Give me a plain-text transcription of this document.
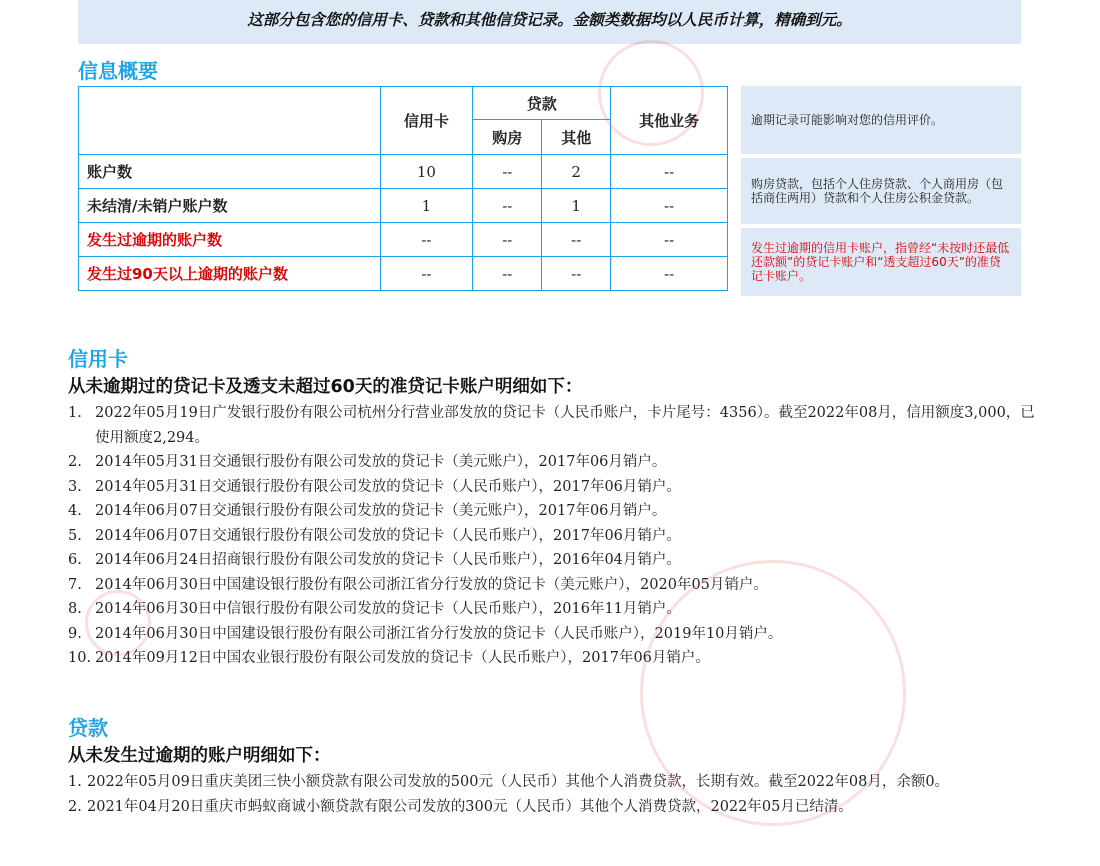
这部分包含您的信用卡、贷款和其他信贷记录。金额类数据均以人民币计算，精确到元。
信息概要
	信用卡	贷款		其他业务
		购房	其他	
账户数	10	--	2	--
未结清/未销户账户数	1	--	1	--
发生过逾期的账户数	--	--	--	--
发生过90天以上逾期的账户数	--	--	--	--
逾期记录可能影响对您的信用评价。
购房贷款，包括个人住房贷款、个人商用房（包括商住两用）贷款和个人住房公积金贷款。
发生过逾期的信用卡账户，指曾经“未按时还最低还款额”的贷记卡账户和“透支超过60天”的准贷记卡账户。
信用卡
从未逾期过的贷记卡及透支未超过60天的准贷记卡账户明细如下：
1. 2022年05月19日广发银行股份有限公司杭州分行营业部发放的贷记卡（人民币账户，卡片尾号：4356）。截至2022年08月，信用额度3,000，已使用额度2,294。
2. 2014年05月31日交通银行股份有限公司发放的贷记卡（美元账户），2017年06月销户。
3. 2014年05月31日交通银行股份有限公司发放的贷记卡（人民币账户），2017年06月销户。
4. 2014年06月07日交通银行股份有限公司发放的贷记卡（美元账户），2017年06月销户。
5. 2014年06月07日交通银行股份有限公司发放的贷记卡（人民币账户），2017年06月销户。
6. 2014年06月24日招商银行股份有限公司发放的贷记卡（人民币账户），2016年04月销户。
7. 2014年06月30日中国建设银行股份有限公司浙江省分行发放的贷记卡（美元账户），2020年05月销户。
8. 2014年06月30日中信银行股份有限公司发放的贷记卡（人民币账户），2016年11月销户。
9. 2014年06月30日中国建设银行股份有限公司浙江省分行发放的贷记卡（人民币账户），2019年10月销户。
10. 2014年09月12日中国农业银行股份有限公司发放的贷记卡（人民币账户），2017年06月销户。
贷款
从未发生过逾期的账户明细如下：
1. 2022年05月09日重庆美团三快小额贷款有限公司发放的500元（人民币）其他个人消费贷款，长期有效。截至2022年08月，余额0。
2. 2021年04月20日重庆市蚂蚁商诚小额贷款有限公司发放的300元（人民币）其他个人消费贷款，2022年05月已结清。
